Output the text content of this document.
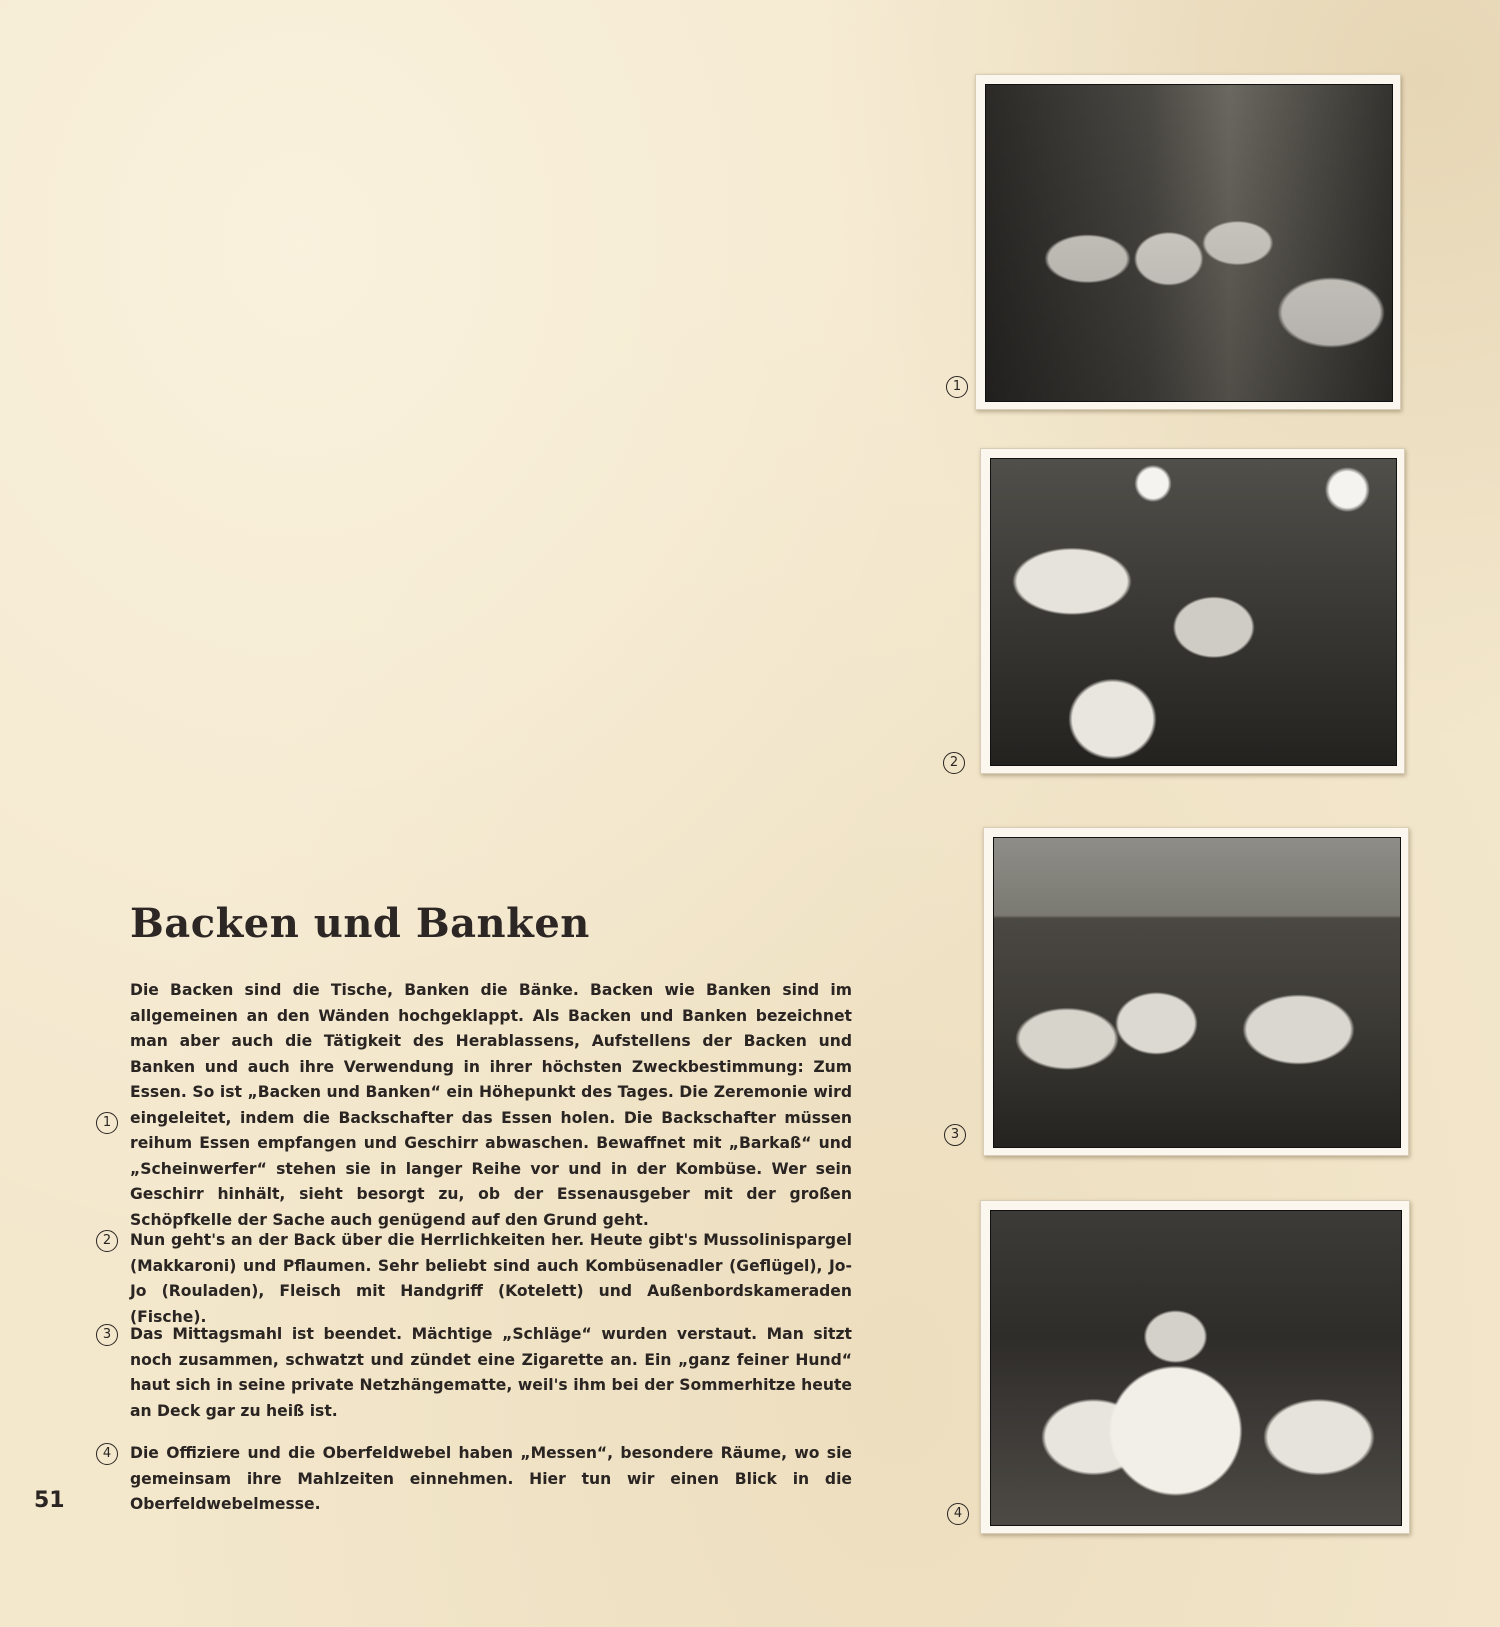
Backen und Banken
1

Die Backen sind die Tische, Banken die Bänke. Backen wie Banken sind im allgemeinen an den Wänden hochgeklappt. Als Backen und Banken bezeichnet man aber auch die Tätigkeit des Herablassens, Aufstellens der Backen und Banken und auch ihre Verwendung in ihrer höchsten Zweckbestimmung: Zum Essen. So ist „Backen und Banken“ ein Höhepunkt des Tages. Die Zeremonie wird eingeleitet, indem die Backschafter das Essen holen. Die Backschafter müssen reihum Essen empfangen und Geschirr abwaschen. Bewaffnet mit „Barkaß“ und „Scheinwerfer“ stehen sie in langer Reihe vor und in der Kombüse. Wer sein Geschirr hinhält, sieht besorgt zu, ob der Essenausgeber mit der großen Schöpfkelle der Sache auch genügend auf den Grund geht.

2	Nun geht's an der Back über die Herrlichkeiten her. Heute gibt's Mussolinispargel (Makkaroni) und Pflaumen. Sehr beliebt sind auch Kombüsenadler (Geflügel), Jo-Jo (Rouladen), Fleisch mit Handgriff (Kotelett) und Außenbordskameraden (Fische).

3	Das Mittagsmahl ist beendet. Mächtige „Schläge“ wurden verstaut. Man sitzt noch zusammen, schwatzt und zündet eine Zigarette an. Ein „ganz feiner Hund“ haut sich in seine private Netzhängematte, weil's ihm bei der Sommerhitze heute an Deck gar zu heiß ist.

4	Die Offiziere und die Oberfeldwebel haben „Messen“, besondere Räume, wo sie gemeinsam ihre Mahlzeiten einnehmen. Hier tun wir einen Blick in die Oberfeldwebelmesse.

51
1
2
3
4
